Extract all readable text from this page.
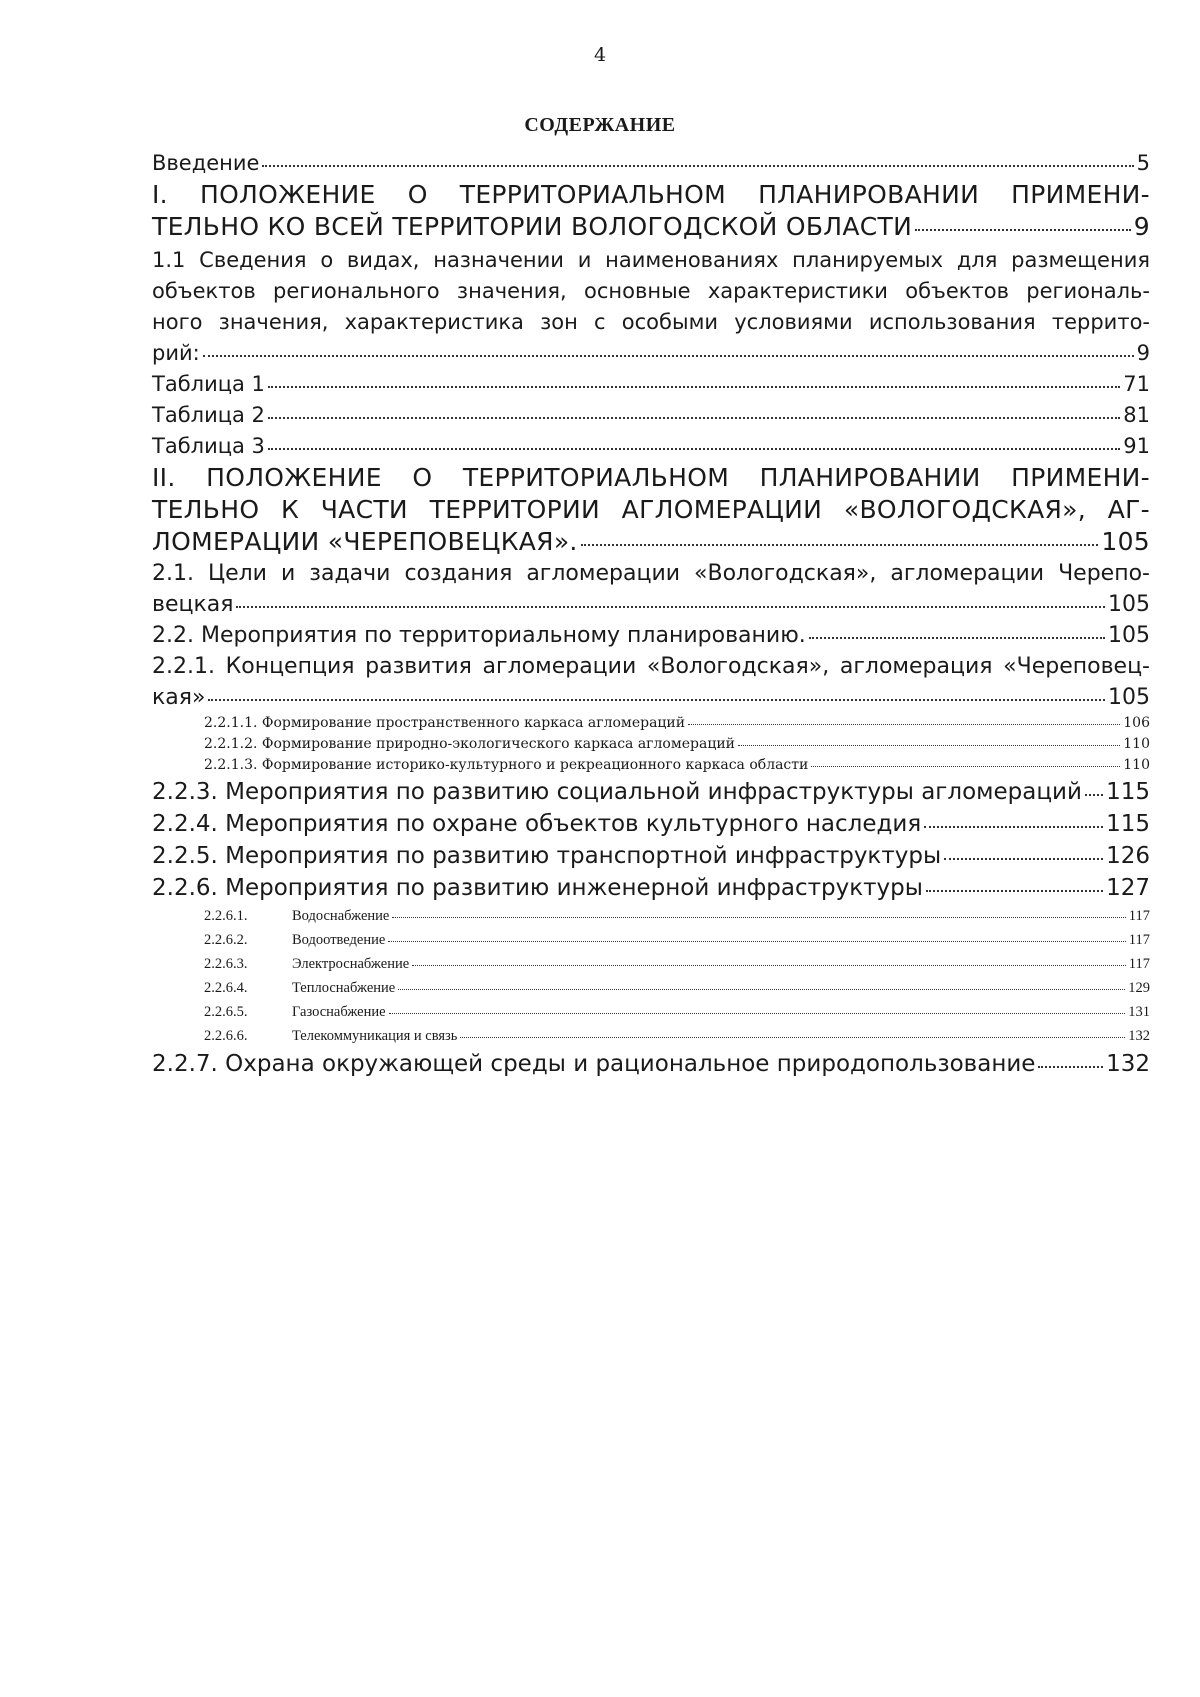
4
СОДЕРЖАНИЕ
Введение	5
I. ПОЛОЖЕНИЕ О ТЕРРИТОРИАЛЬНОМ ПЛАНИРОВАНИИ ПРИМЕНИ-
ТЕЛЬНО КО ВСЕЙ ТЕРРИТОРИИ ВОЛОГОДСКОЙ ОБЛАСТИ	9
1.1 Сведения о видах, назначении и наименованиях планируемых для размещения
объектов регионального значения, основные характеристики объектов региональ-
ного значения, характеристика зон с особыми условиями использования террито-
рий:	9
Таблица 1	71
Таблица 2	81
Таблица 3	91
II. ПОЛОЖЕНИЕ О ТЕРРИТОРИАЛЬНОМ ПЛАНИРОВАНИИ ПРИМЕНИ-
ТЕЛЬНО К ЧАСТИ ТЕРРИТОРИИ АГЛОМЕРАЦИИ «ВОЛОГОДСКАЯ», АГ-
ЛОМЕРАЦИИ «ЧЕРЕПОВЕЦКАЯ».	105
2.1. Цели и задачи создания агломерации «Вологодская», агломерации Черепо-
вецкая	105
2.2. Мероприятия по территориальному планированию.	105
2.2.1. Концепция развития агломерации «Вологодская», агломерация «Череповец-
кая»	105
2.2.1.1. Формирование пространственного каркаса агломераций	106
2.2.1.2. Формирование природно-экологического каркаса агломераций	110
2.2.1.3. Формирование историко-культурного и рекреационного каркаса области	110
2.2.3. Мероприятия по развитию социальной инфраструктуры агломераций 115
2.2.4. Мероприятия по охране объектов культурного наследия	115
2.2.5. Мероприятия по развитию транспортной инфраструктуры	126
2.2.6. Мероприятия по развитию инженерной инфраструктуры	127
2.2.6.1.	Водоснабжение	117
2.2.6.2.	Водоотведение	117
2.2.6.3.	Электроснабжение	117
2.2.6.4.	Теплоснабжение	129
2.2.6.5.	Газоснабжение	131
2.2.6.6.	Телекоммуникация и связь	132
2.2.7. Охрана окружающей среды и рациональное природопользование	132
